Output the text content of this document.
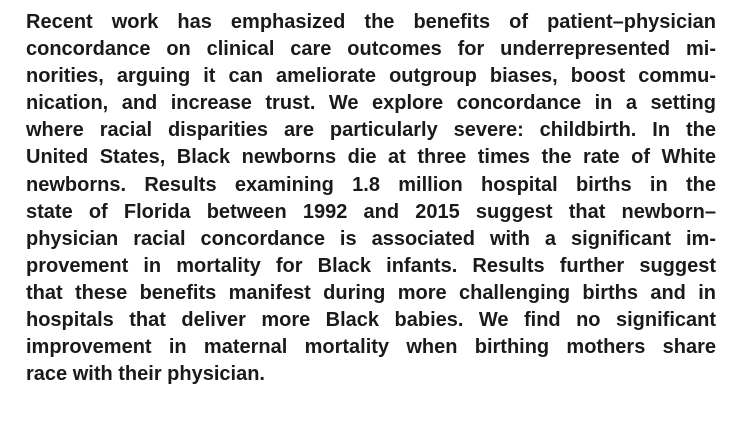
Recent work has emphasized the benefits of patient–physician
concordance on clinical care outcomes for underrepresented mi-
norities, arguing it can ameliorate outgroup biases, boost commu-
nication, and increase trust. We explore concordance in a setting
where racial disparities are particularly severe: childbirth. In the
United States, Black newborns die at three times the rate of White
newborns. Results examining 1.8 million hospital births in the
state of Florida between 1992 and 2015 suggest that newborn–
physician racial concordance is associated with a significant im-
provement in mortality for Black infants. Results further suggest
that these benefits manifest during more challenging births and in
hospitals that deliver more Black babies. We find no significant
improvement in maternal mortality when birthing mothers share
race with their physician.
